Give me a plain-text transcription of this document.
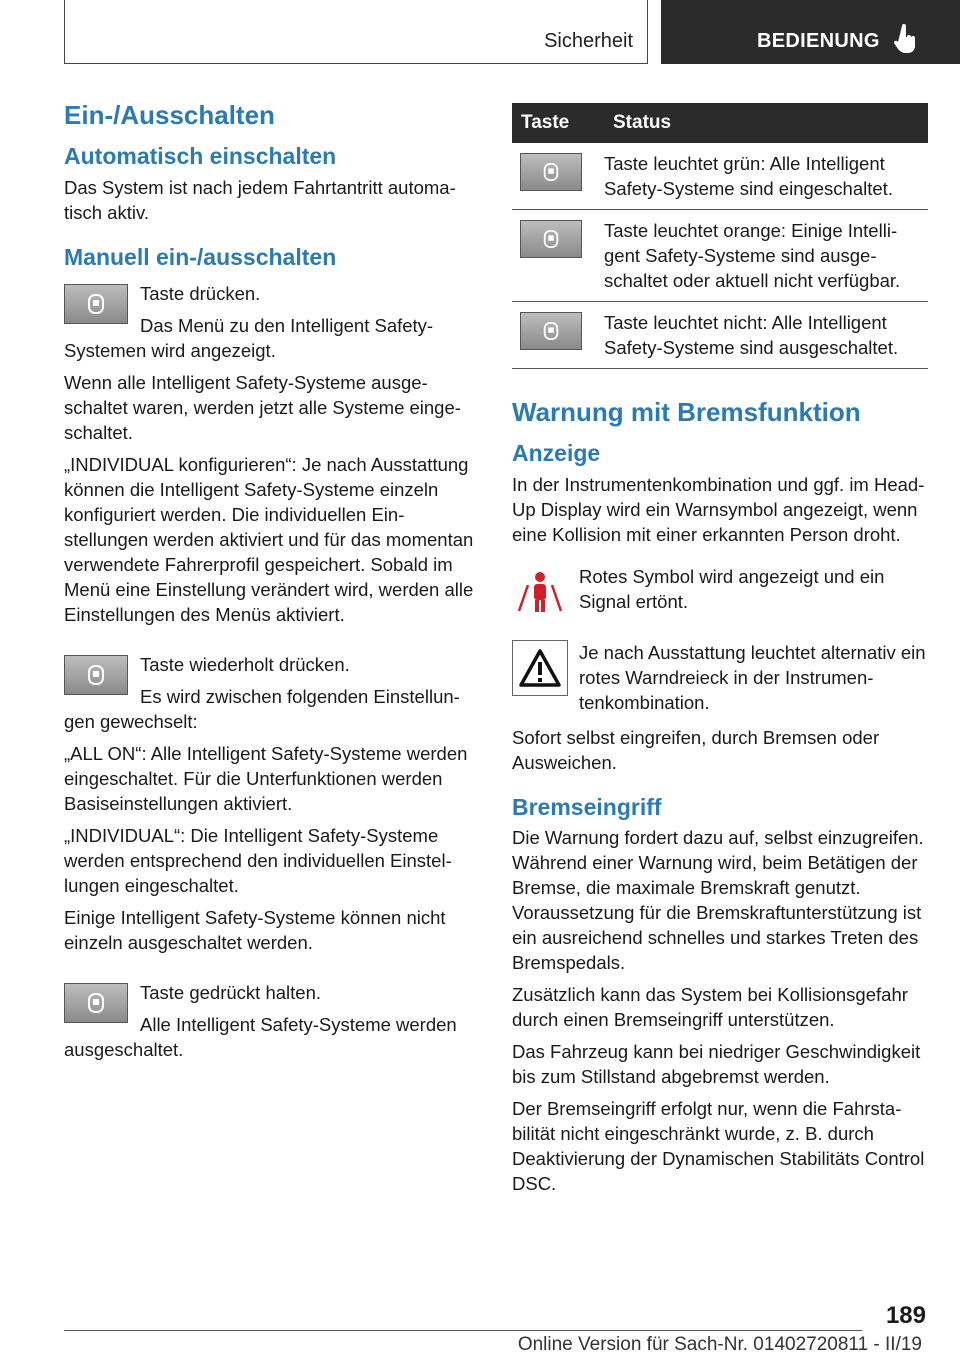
Sicherheit	BEDIENUNG
Ein-/Ausschalten
Automatisch einschalten

Das System ist nach jedem Fahrtantritt automatisch aktiv.

Manuell ein-/ausschalten

Taste drücken.

Das Menü zu den Intelligent Safety-Systemen wird angezeigt.

Wenn alle Intelligent Safety-Systeme ausgeschaltet waren, werden jetzt alle Systeme eingeschaltet.

„INDIVIDUAL konfigurieren“: Je nach Ausstattung können die Intelligent Safety-Systeme einzeln konfiguriert werden. Die individuellen Einstellungen werden aktiviert und für das momentan verwendete Fahrerprofil gespeichert. Sobald im Menü eine Einstellung verändert wird, werden alle Einstellungen des Menüs aktiviert.

Taste wiederholt drücken.

Es wird zwischen folgenden Einstellungen gewechselt:

„ALL ON“: Alle Intelligent Safety-Systeme werden eingeschaltet. Für die Unterfunktionen werden Basiseinstellungen aktiviert.

„INDIVIDUAL“: Die Intelligent Safety-Systeme werden entsprechend den individuellen Einstellungen eingeschaltet.

Einige Intelligent Safety-Systeme können nicht einzeln ausgeschaltet werden.

Taste gedrückt halten.

Alle Intelligent Safety-Systeme werden ausgeschaltet.

Taste	Status

	Taste leuchtet grün: Alle Intelligent Safety-Systeme sind eingeschaltet.

	Taste leuchtet orange: Einige Intelligent Safety-Systeme sind ausgeschaltet oder aktuell nicht verfügbar.

	Taste leuchtet nicht: Alle Intelligent Safety-Systeme sind ausgeschaltet.
Warnung mit Bremsfunktion
Anzeige

In der Instrumentenkombination und ggf. im Head-Up Display wird ein Warnsymbol angezeigt, wenn eine Kollision mit einer erkannten Person droht.

Rotes Symbol wird angezeigt und ein Signal ertönt.

Je nach Ausstattung leuchtet alternativ ein rotes Warndreieck in der Instrumentenkombination.

Sofort selbst eingreifen, durch Bremsen oder Ausweichen.

Bremseingriff

Die Warnung fordert dazu auf, selbst einzugreifen. Während einer Warnung wird, beim Betätigen der Bremse, die maximale Bremskraft genutzt. Voraussetzung für die Bremskraftunterstützung ist ein ausreichend schnelles und starkes Treten des Bremspedals.

Zusätzlich kann das System bei Kollisionsgefahr durch einen Bremseingriff unterstützen.

Das Fahrzeug kann bei niedriger Geschwindigkeit bis zum Stillstand abgebremst werden.

Der Bremseingriff erfolgt nur, wenn die Fahrstabilität nicht eingeschränkt wurde, z. B. durch Deaktivierung der Dynamischen Stabilitäts Control DSC.

189
Online Version für Sach-Nr. 01402720811 - II/19
